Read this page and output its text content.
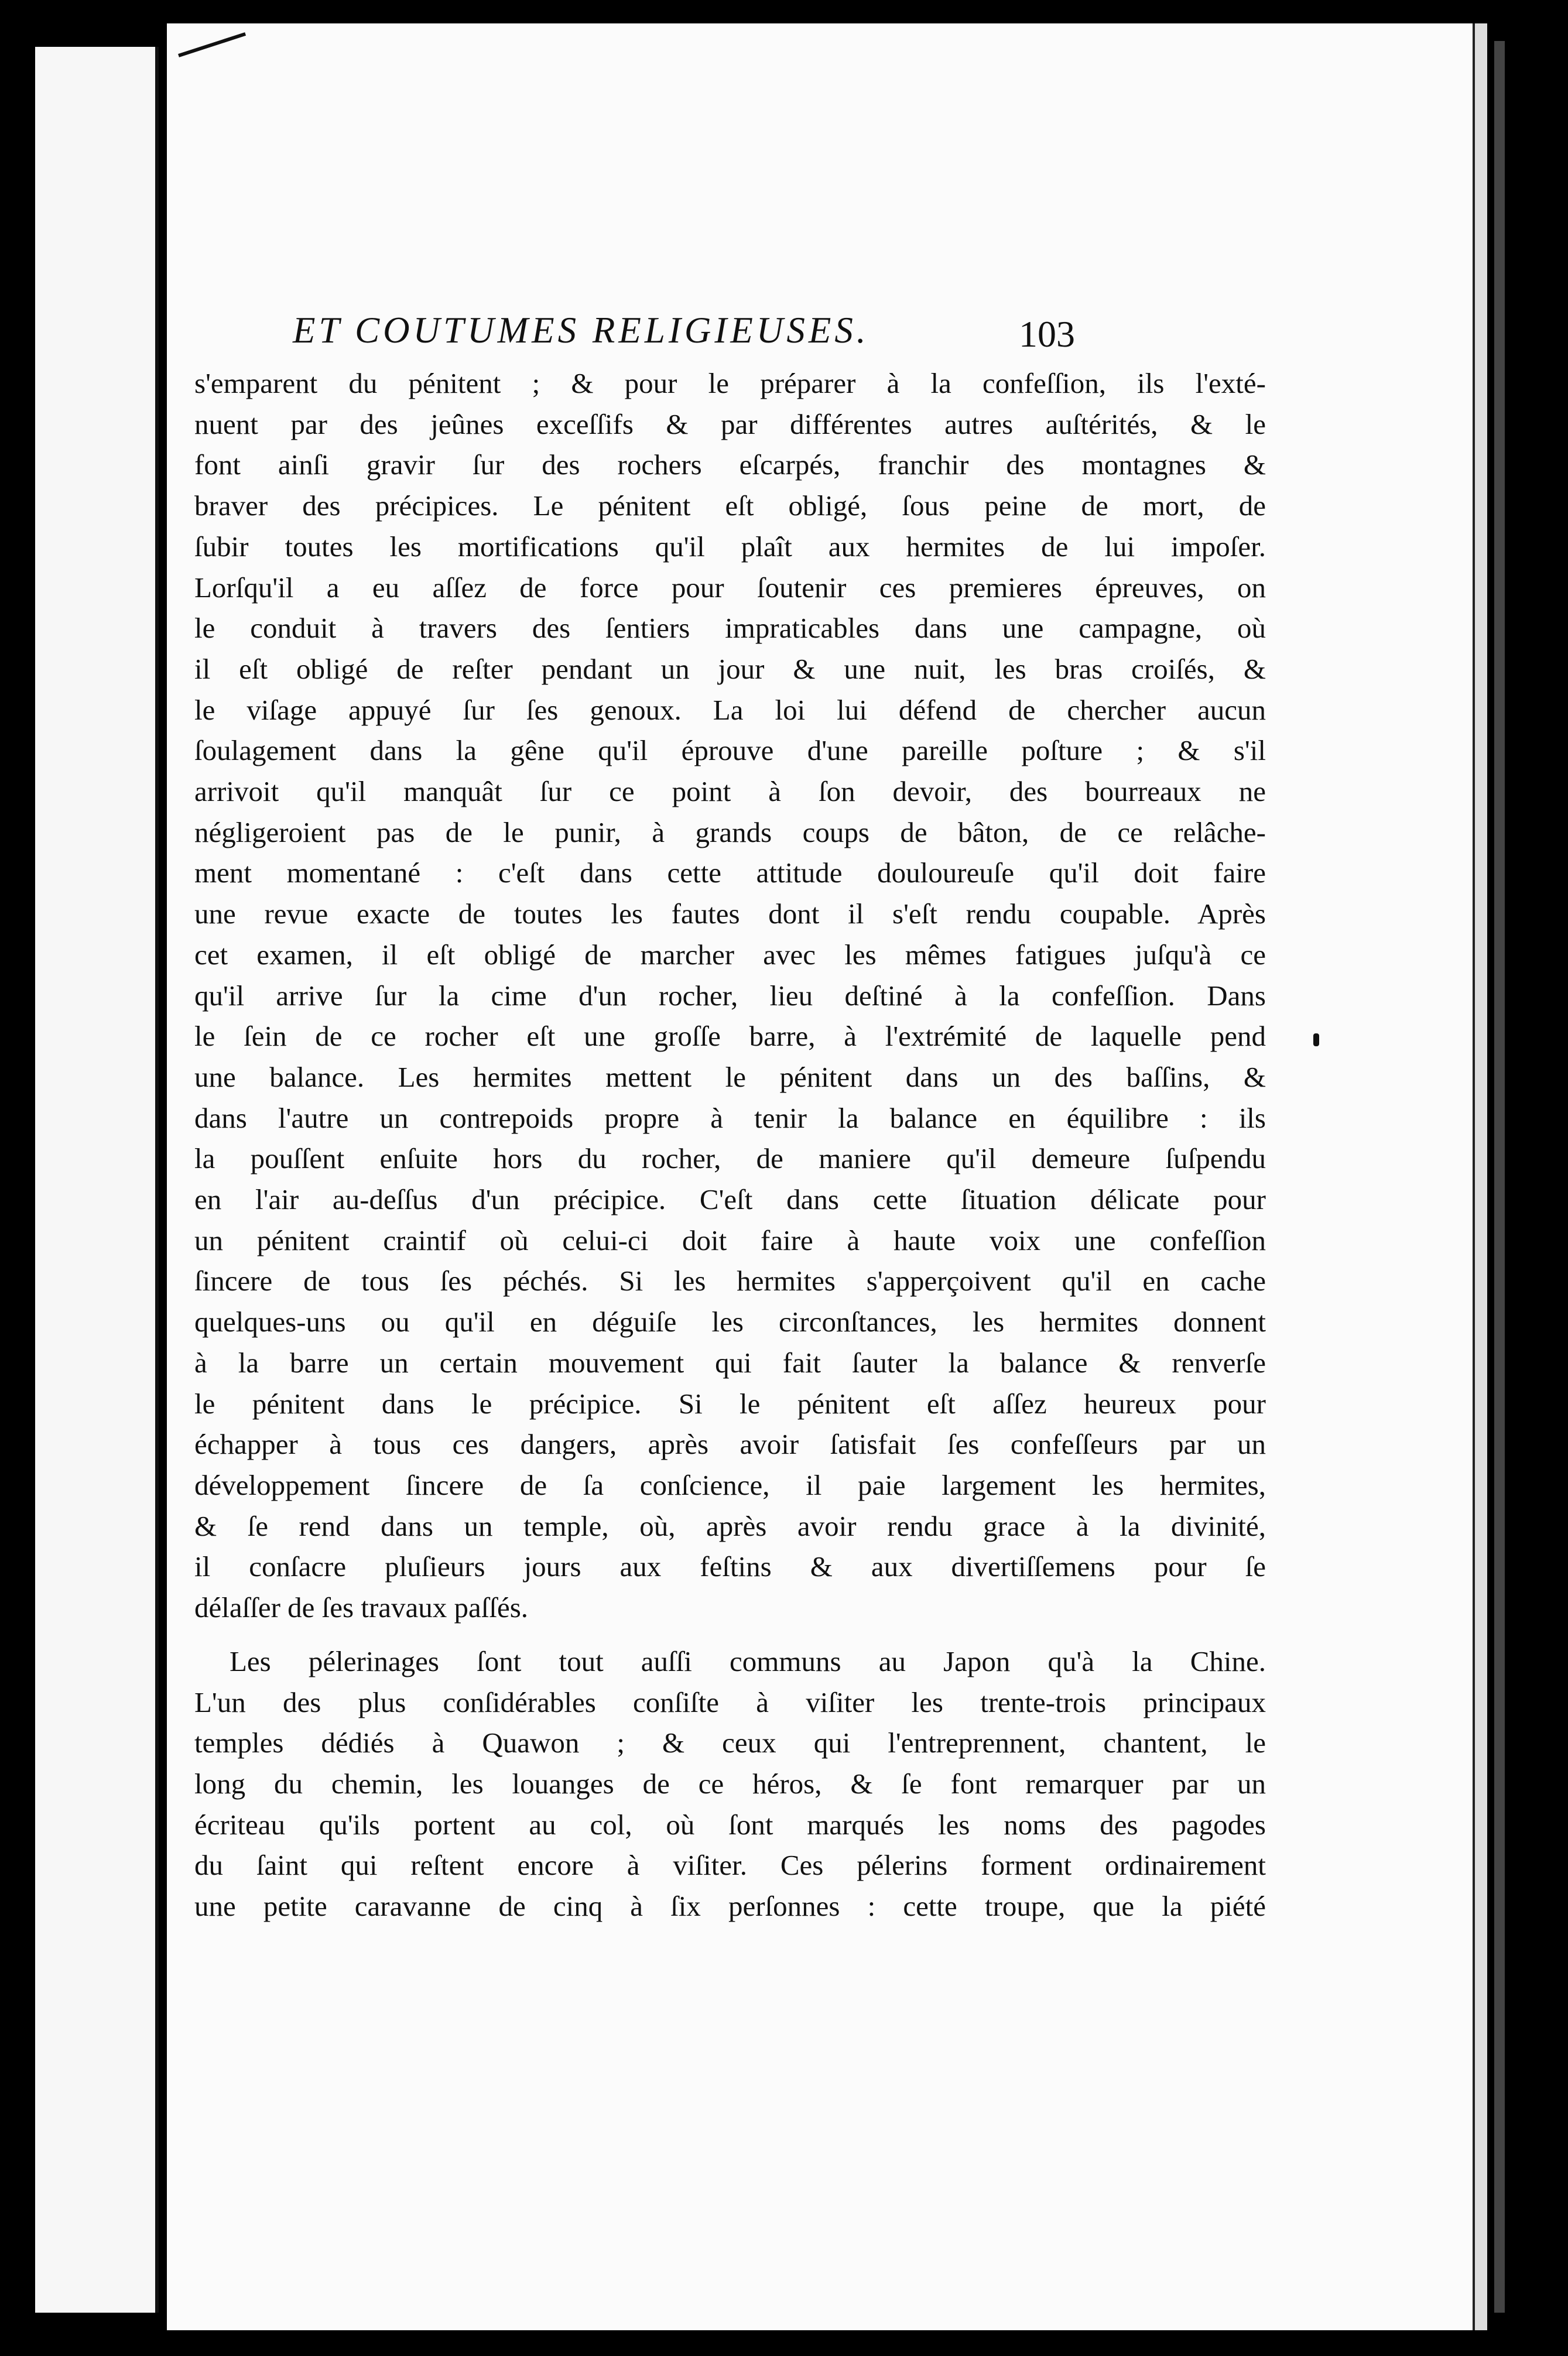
ET COUTUMES RELIGIEUSES.	103
s'emparent du pénitent ; & pour le préparer à la confeſſion, ils l'exté-
nuent par des jeûnes exceſſifs & par différentes autres auſtérités, & le
font ainſi gravir ſur des rochers eſcarpés, franchir des montagnes &
braver des précipices. Le pénitent eſt obligé, ſous peine de mort, de
ſubir toutes les mortifications qu'il plaît aux hermites de lui impoſer.
Lorſqu'il a eu aſſez de force pour ſoutenir ces premieres épreuves, on
le conduit à travers des ſentiers impraticables dans une campagne, où
il eſt obligé de reſter pendant un jour & une nuit, les bras croiſés, &
le viſage appuyé ſur ſes genoux. La loi lui défend de chercher aucun
ſoulagement dans la gêne qu'il éprouve d'une pareille poſture ; & s'il
arrivoit qu'il manquât ſur ce point à ſon devoir, des bourreaux ne
négligeroient pas de le punir, à grands coups de bâton, de ce relâche-
ment momentané : c'eſt dans cette attitude douloureuſe qu'il doit faire
une revue exacte de toutes les fautes dont il s'eſt rendu coupable. Après
cet examen, il eſt obligé de marcher avec les mêmes fatigues juſqu'à ce
qu'il arrive ſur la cime d'un rocher, lieu deſtiné à la confeſſion. Dans
le ſein de ce rocher eſt une groſſe barre, à l'extrémité de laquelle pend
une balance. Les hermites mettent le pénitent dans un des baſſins, &
dans l'autre un contrepoids propre à tenir la balance en équilibre : ils
la pouſſent enſuite hors du rocher, de maniere qu'il demeure ſuſpendu
en l'air au-deſſus d'un précipice. C'eſt dans cette ſituation délicate pour
un pénitent craintif où celui-ci doit faire à haute voix une confeſſion
ſincere de tous ſes péchés. Si les hermites s'apperçoivent qu'il en cache
quelques-uns ou qu'il en déguiſe les circonſtances, les hermites donnent
à la barre un certain mouvement qui fait ſauter la balance & renverſe
le pénitent dans le précipice. Si le pénitent eſt aſſez heureux pour
échapper à tous ces dangers, après avoir ſatisfait ſes confeſſeurs par un
développement ſincere de ſa conſcience, il paie largement les hermites,
& ſe rend dans un temple, où, après avoir rendu grace à la divinité,
il conſacre pluſieurs jours aux feſtins & aux divertiſſemens pour ſe
délaſſer de ſes travaux paſſés.
Les pélerinages ſont tout auſſi communs au Japon qu'à la Chine.
L'un des plus conſidérables conſiſte à viſiter les trente-trois principaux
temples dédiés à Quawon ; & ceux qui l'entreprennent, chantent, le
long du chemin, les louanges de ce héros, & ſe font remarquer par un
écriteau qu'ils portent au col, où ſont marqués les noms des pagodes
du ſaint qui reſtent encore à viſiter. Ces pélerins forment ordinairement
une petite caravanne de cinq à ſix perſonnes : cette troupe, que la piété
